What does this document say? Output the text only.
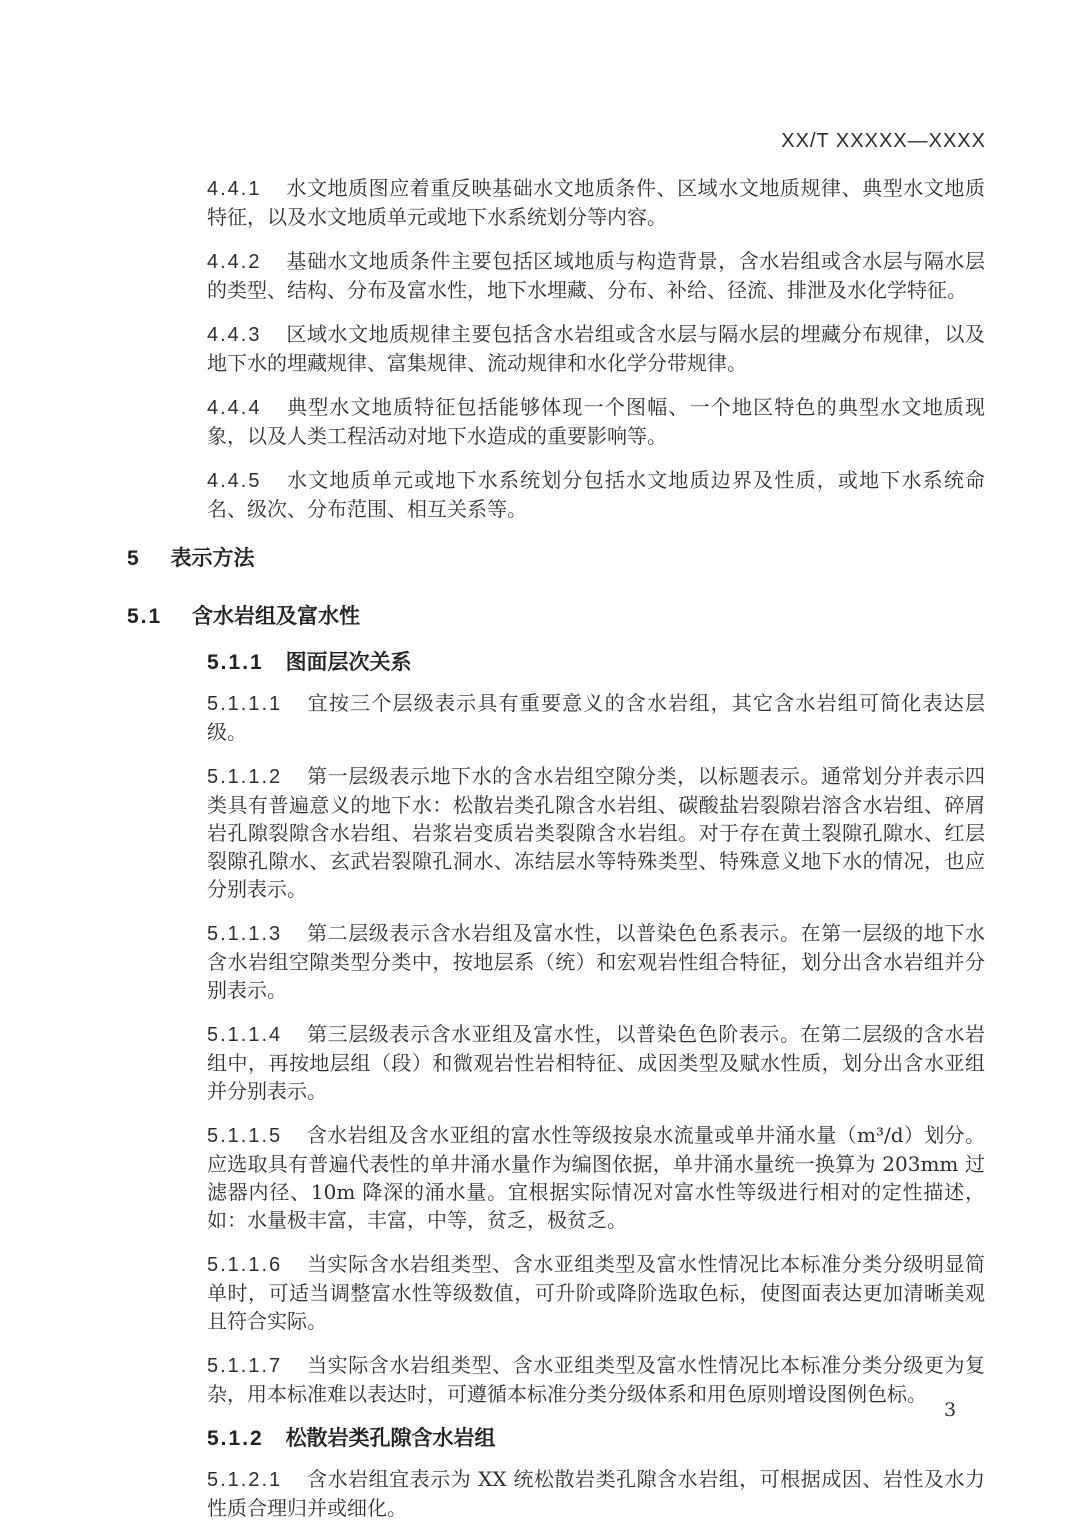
XX/T XXXXX—XXXX

4.4.1 水文地质图应着重反映基础水文地质条件、区域水文地质规律、典型水文地质特征，以及水文地质单元或地下水系统划分等内容。

4.4.2 基础水文地质条件主要包括区域地质与构造背景，含水岩组或含水层与隔水层的类型、结构、分布及富水性，地下水埋藏、分布、补给、径流、排泄及水化学特征。

4.4.3 区域水文地质规律主要包括含水岩组或含水层与隔水层的埋藏分布规律，以及地下水的埋藏规律、富集规律、流动规律和水化学分带规律。

4.4.4 典型水文地质特征包括能够体现一个图幅、一个地区特色的典型水文地质现象，以及人类工程活动对地下水造成的重要影响等。

4.4.5 水文地质单元或地下水系统划分包括水文地质边界及性质，或地下水系统命名、级次、分布范围、相互关系等。

5 表示方法
5.1 含水岩组及富水性
5.1.1 图面层次关系

5.1.1.1 宜按三个层级表示具有重要意义的含水岩组，其它含水岩组可简化表达层级。

5.1.1.2 第一层级表示地下水的含水岩组空隙分类，以标题表示。通常划分并表示四类具有普遍意义的地下水：松散岩类孔隙含水岩组、碳酸盐岩裂隙岩溶含水岩组、碎屑岩孔隙裂隙含水岩组、岩浆岩变质岩类裂隙含水岩组。对于存在黄土裂隙孔隙水、红层裂隙孔隙水、玄武岩裂隙孔洞水、冻结层水等特殊类型、特殊意义地下水的情况，也应分别表示。

5.1.1.3 第二层级表示含水岩组及富水性，以普染色色系表示。在第一层级的地下水含水岩组空隙类型分类中，按地层系（统）和宏观岩性组合特征，划分出含水岩组并分别表示。

5.1.1.4 第三层级表示含水亚组及富水性，以普染色色阶表示。在第二层级的含水岩组中，再按地层组（段）和微观岩性岩相特征、成因类型及赋水性质，划分出含水亚组并分别表示。

5.1.1.5 含水岩组及含水亚组的富水性等级按泉水流量或单井涌水量（m³/d）划分。应选取具有普遍代表性的单井涌水量作为编图依据，单井涌水量统一换算为 203mm 过滤器内径、10m 降深的涌水量。宜根据实际情况对富水性等级进行相对的定性描述，如：水量极丰富，丰富，中等，贫乏，极贫乏。

5.1.1.6 当实际含水岩组类型、含水亚组类型及富水性情况比本标准分类分级明显简单时，可适当调整富水性等级数值，可升阶或降阶选取色标，使图面表达更加清晰美观且符合实际。

5.1.1.7 当实际含水岩组类型、含水亚组类型及富水性情况比本标准分类分级更为复杂，用本标准难以表达时，可遵循本标准分类分级体系和用色原则增设图例色标。

5.1.2 松散岩类孔隙含水岩组

5.1.2.1 含水岩组宜表示为 XX 统松散岩类孔隙含水岩组，可根据成因、岩性及水力性质合理归并或细化。

3
